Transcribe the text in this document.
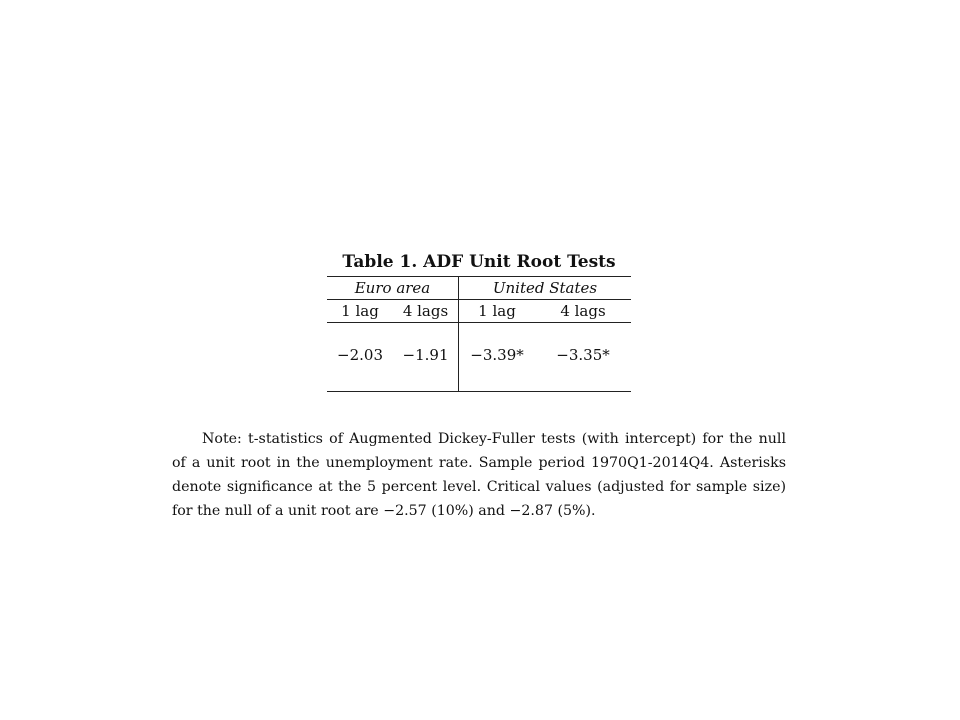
Table 1. ADF Unit Root Tests
Euro area	United States
1 lag	4 lags	1 lag	4 lags
−2.03	−1.91	−3.39*	−3.35*
Note: t-statistics of Augmented Dickey-Fuller tests (with intercept) for the null of a unit root in the unemployment rate. Sample period 1970Q1-2014Q4. Asterisks denote significance at the 5 percent level. Critical values (adjusted for sample size) for the null of a unit root are −2.57 (10%) and −2.87 (5%).
